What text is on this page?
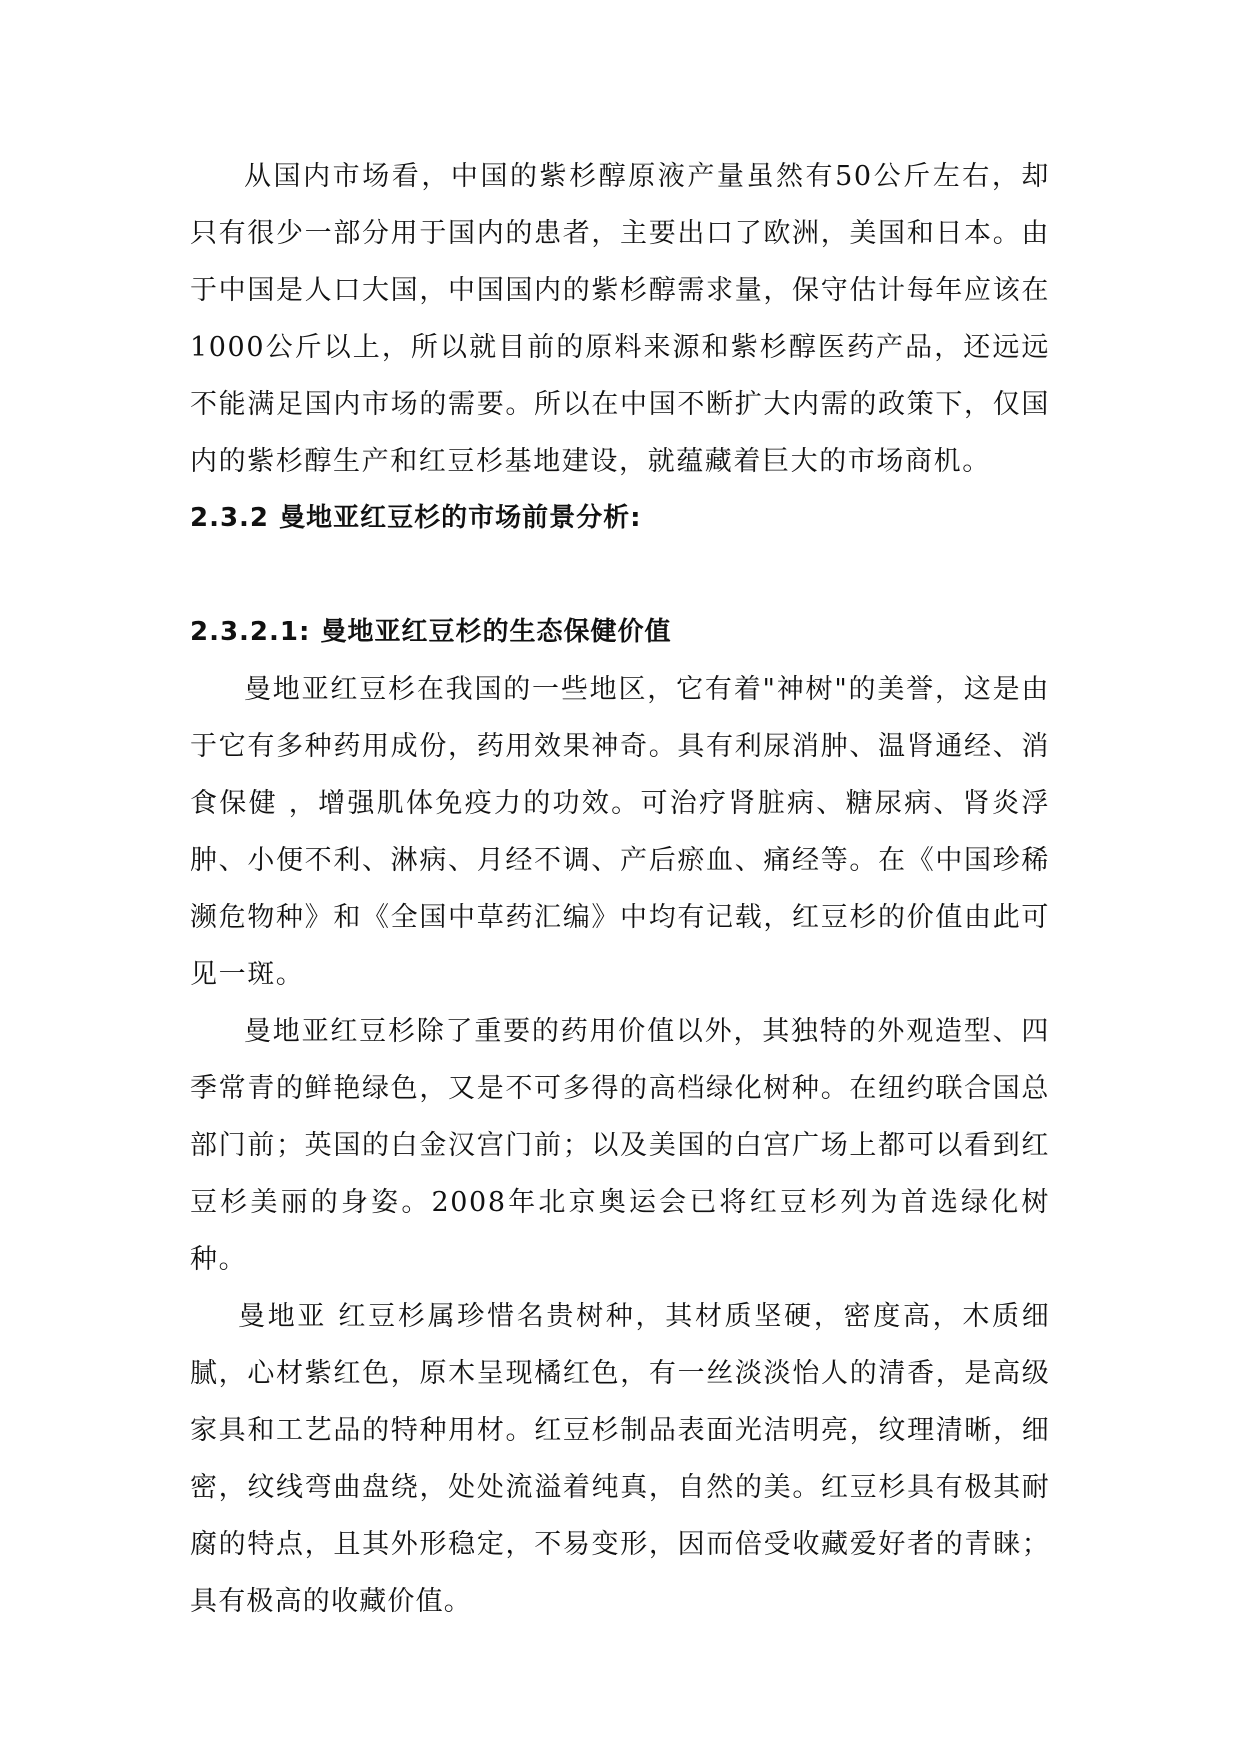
从国内市场看，中国的紫杉醇原液产量虽然有50公斤左右，却只有很少一部分用于国内的患者，主要出口了欧洲，美国和日本。由于中国是人口大国，中国国内的紫杉醇需求量，保守估计每年应该在1000公斤以上，所以就目前的原料来源和紫杉醇医药产品，还远远不能满足国内市场的需要。所以在中国不断扩大内需的政策下，仅国内的紫杉醇生产和红豆杉基地建设，就蕴藏着巨大的市场商机。

2.3.2 曼地亚红豆杉的市场前景分析:
2.3.2.1: 曼地亚红豆杉的生态保健价值

曼地亚红豆杉在我国的一些地区，它有着"神树"的美誉，这是由于它有多种药用成份，药用效果神奇。具有利尿消肿、温肾通经、消食保健 ，增强肌体免疫力的功效。可治疗肾脏病、糖尿病、肾炎浮肿、小便不利、淋病、月经不调、产后瘀血、痛经等。在《中国珍稀濒危物种》和《全国中草药汇编》中均有记载，红豆杉的价值由此可见一斑。

曼地亚红豆杉除了重要的药用价值以外，其独特的外观造型、四季常青的鲜艳绿色，又是不可多得的高档绿化树种。在纽约联合国总部门前；英国的白金汉宫门前；以及美国的白宫广场上都可以看到红豆杉美丽的身姿。2008年北京奥运会已将红豆杉列为首选绿化树种。

曼地亚 红豆杉属珍惜名贵树种，其材质坚硬，密度高，木质细腻，心材紫红色，原木呈现橘红色，有一丝淡淡怡人的清香，是高级家具和工艺品的特种用材。红豆杉制品表面光洁明亮，纹理清晰，细密，纹线弯曲盘绕，处处流溢着纯真，自然的美。红豆杉具有极其耐腐的特点，且其外形稳定，不易变形，因而倍受收藏爱好者的青睐；具有极高的收藏价值。
